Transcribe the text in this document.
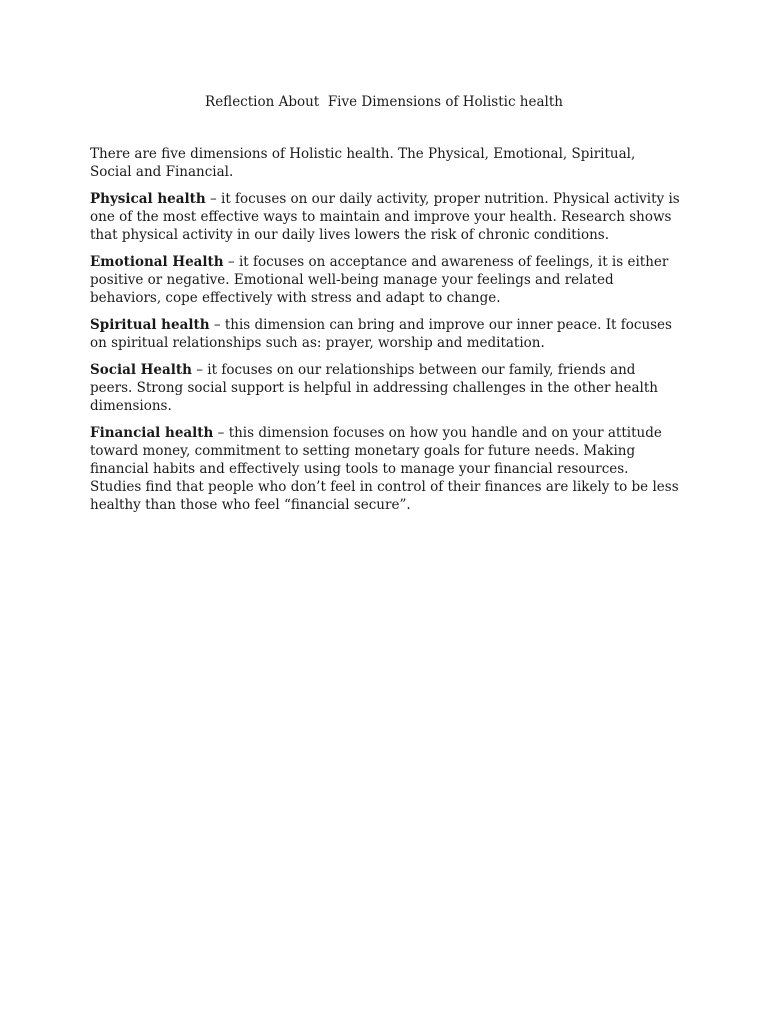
Reflection About  Five Dimensions of Holistic health

There are five dimensions of Holistic health. The Physical, Emotional, Spiritual, Social and Financial.

Physical health – it focuses on our daily activity, proper nutrition. Physical activity is one of the most effective ways to maintain and improve your health. Research shows that physical activity in our daily lives lowers the risk of chronic conditions.

Emotional Health – it focuses on acceptance and awareness of feelings, it is either positive or negative. Emotional well-being manage your feelings and related behaviors, cope effectively with stress and adapt to change.

Spiritual health – this dimension can bring and improve our inner peace. It focuses on spiritual relationships such as: prayer, worship and meditation.

Social Health – it focuses on our relationships between our family, friends and peers. Strong social support is helpful in addressing challenges in the other health dimensions.

Financial health – this dimension focuses on how you handle and on your attitude toward money, commitment to setting monetary goals for future needs. Making financial habits and effectively using tools to manage your financial resources. Studies find that people who don’t feel in control of their finances are likely to be less healthy than those who feel “financial secure”.
